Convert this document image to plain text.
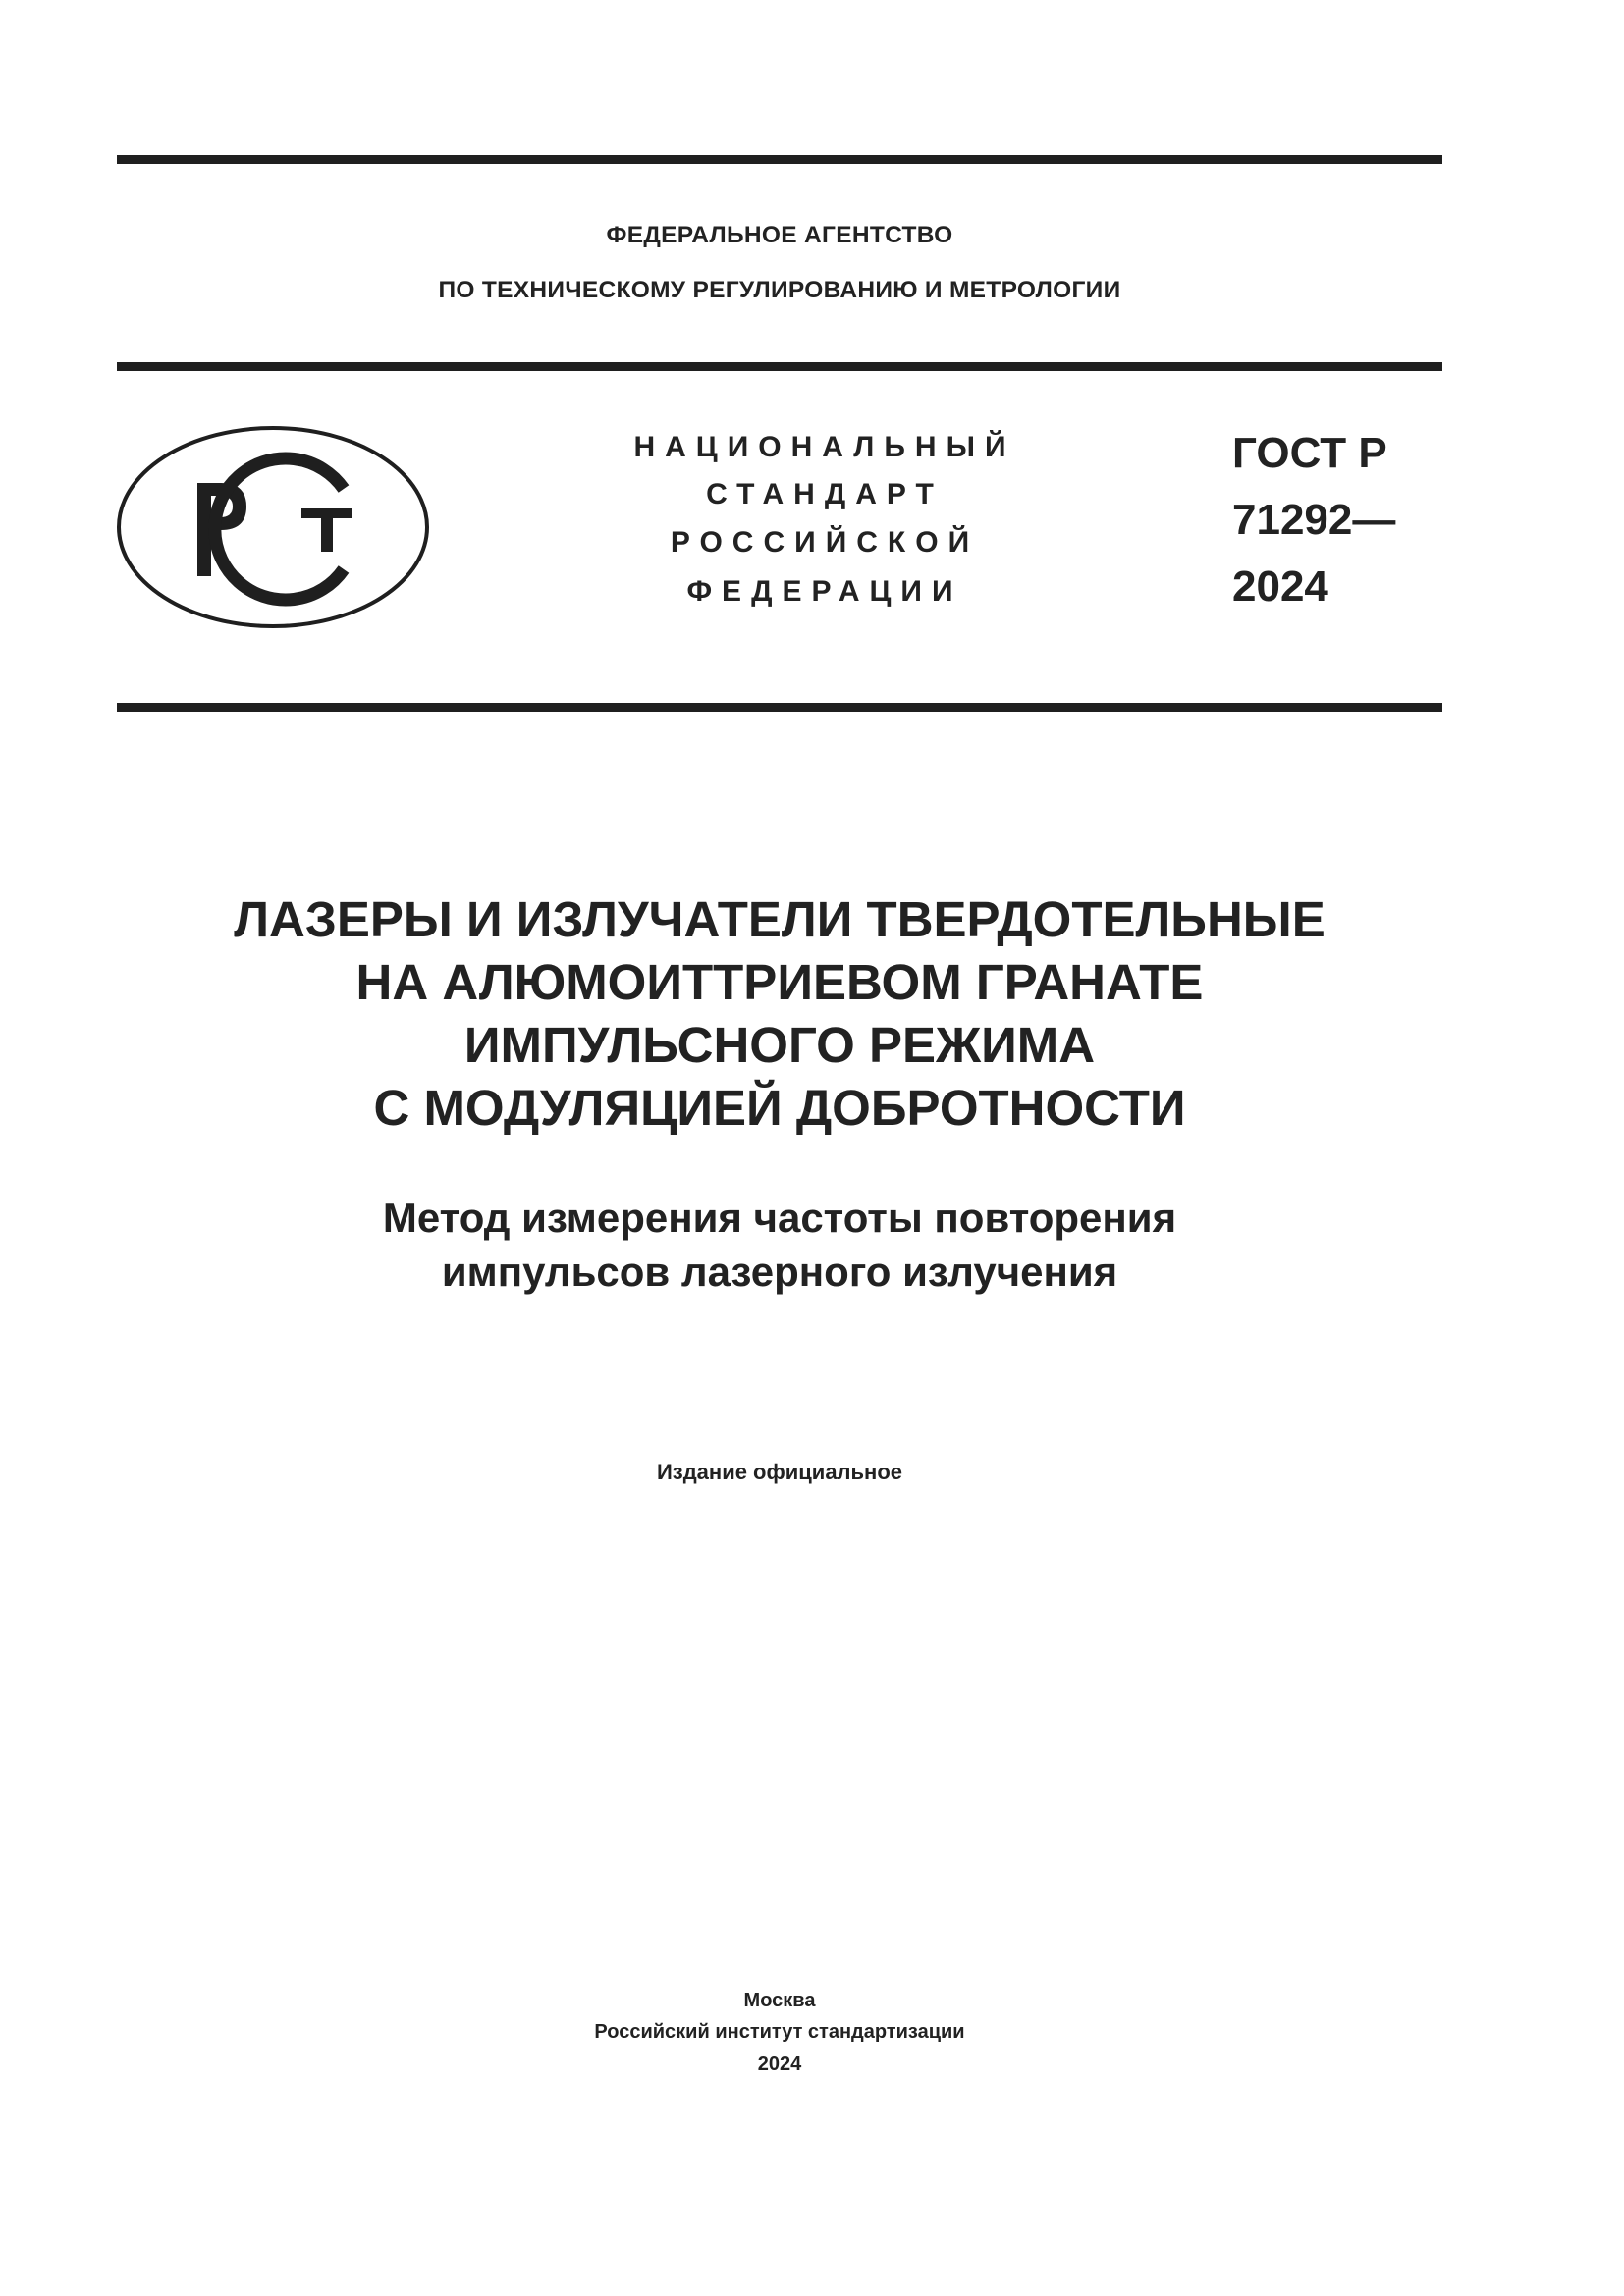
ФЕДЕРАЛЬНОЕ АГЕНТСТВО
ПО ТЕХНИЧЕСКОМУ РЕГУЛИРОВАНИЮ И МЕТРОЛОГИИ
НАЦИОНАЛЬНЫЙ
СТАНДАРТ
РОССИЙСКОЙ
ФЕДЕРАЦИИ
ГОСТ Р
71292—
2024
ЛАЗЕРЫ И ИЗЛУЧАТЕЛИ ТВЕРДОТЕЛЬНЫЕ
НА АЛЮМОИТТРИЕВОМ ГРАНАТЕ
ИМПУЛЬСНОГО РЕЖИМА
С МОДУЛЯЦИЕЙ ДОБРОТНОСТИ
Метод измерения частоты повторения
импульсов лазерного излучения
Издание официальное
Москва
Российский институт стандартизации
2024
